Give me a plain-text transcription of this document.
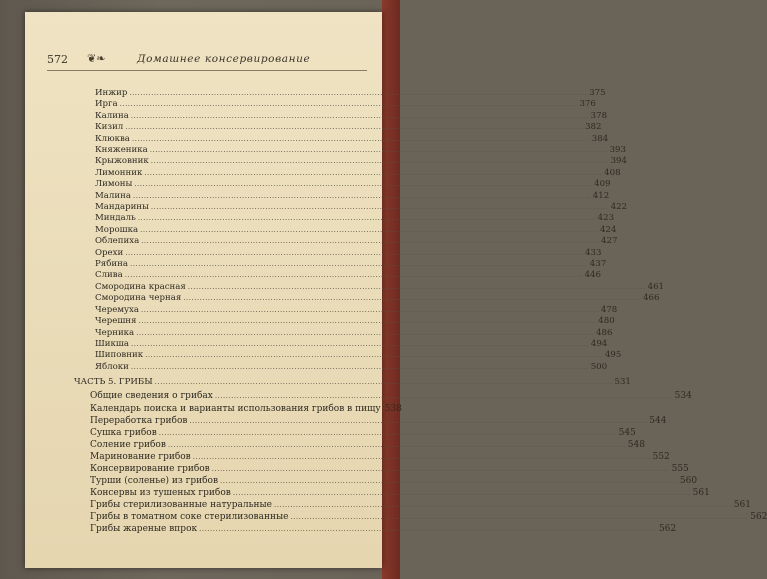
572 ❦❧	Домашнее консервирование
Инжир .....	375
Ирга .....	376
Калина .....	378
Кизил .....	382
Клюква .....	384
Княженика .....	393
Крыжовник .....	394
Лимонник .....	408
Лимоны .....	409
Малина .....	412
Мандарины .....	422
Миндаль .....	423
Морошка .....	424
Облепиха .....	427
Орехи .....	433
Рябина .....	437
Слива .....	446
Смородина красная .....	461
Смородина черная .....	466
Черемуха .....	478
Черешня .....	480
Черника .....	486
Шикша .....	494
Шиповник .....	495
Яблоки .....	500
ЧАСТЬ 5. ГРИБЫ .....	531
Общие сведения о грибах .....	534
Календарь поиска и варианты использования грибов в пищу 538
Переработка грибов .....	544
Сушка грибов .....	545
Соление грибов .....	548
Маринование грибов .....	552
Консервирование грибов .....	555
Турши (соленье) из грибов .....	560
Консервы из тушеных грибов .....	561
Грибы стерилизованные натуральные .....	561
Грибы в томатном соке стерилизованные .....	562
Грибы жареные впрок .....	562
